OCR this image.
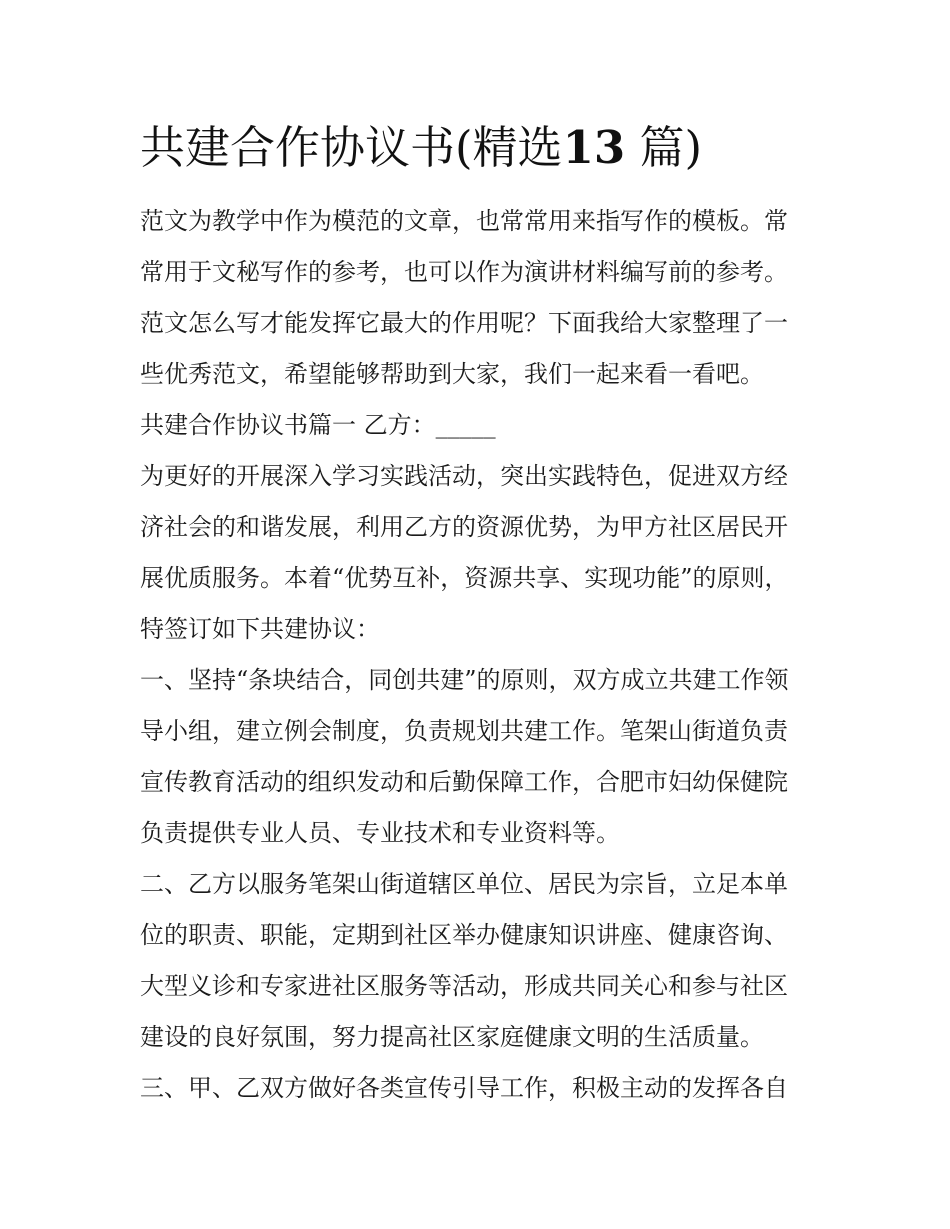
共建合作协议书(精选13 篇)
范文为教学中作为模范的文章，也常常用来指写作的模板。常
常用于文秘写作的参考，也可以作为演讲材料编写前的参考。
范文怎么写才能发挥它最大的作用呢？下面我给大家整理了一
些优秀范文，希望能够帮助到大家，我们一起来看一看吧。
共建合作协议书篇一 乙方：_____
为更好的开展深入学习实践活动，突出实践特色，促进双方经
济社会的和谐发展，利用乙方的资源优势，为甲方社区居民开
展优质服务。本着“优势互补，资源共享、实现功能”的原则，
特签订如下共建协议：
一、坚持“条块结合，同创共建”的原则，双方成立共建工作领
导小组，建立例会制度，负责规划共建工作。笔架山街道负责
宣传教育活动的组织发动和后勤保障工作，合肥市妇幼保健院
负责提供专业人员、专业技术和专业资料等。
二、乙方以服务笔架山街道辖区单位、居民为宗旨，立足本单
位的职责、职能，定期到社区举办健康知识讲座、健康咨询、
大型义诊和专家进社区服务等活动，形成共同关心和参与社区
建设的良好氛围，努力提高社区家庭健康文明的生活质量。
三、甲、乙双方做好各类宣传引导工作，积极主动的发挥各自
